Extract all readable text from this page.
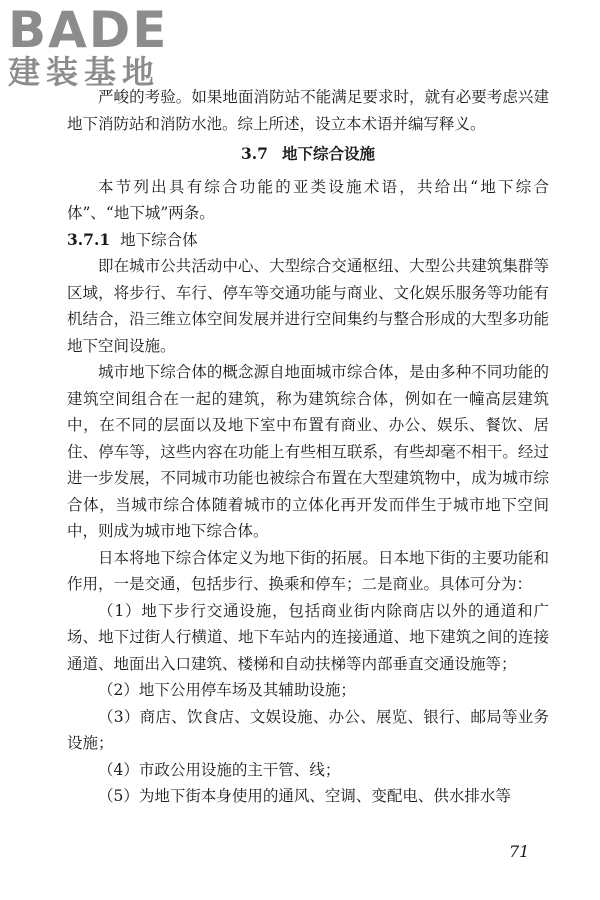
BADE
建装基地

严峻的考验。如果地面消防站不能满足要求时，就有必要考虑兴建地下消防站和消防水池。综上所述，设立本术语并编写释义。

3.7 地下综合设施

本节列出具有综合功能的亚类设施术语，共给出“地下综合体”、“地下城”两条。

3.7.1 地下综合体

即在城市公共活动中心、大型综合交通枢纽、大型公共建筑集群等区域，将步行、车行、停车等交通功能与商业、文化娱乐服务等功能有机结合，沿三维立体空间发展并进行空间集约与整合形成的大型多功能地下空间设施。

城市地下综合体的概念源自地面城市综合体，是由多种不同功能的建筑空间组合在一起的建筑，称为建筑综合体，例如在一幢高层建筑中，在不同的层面以及地下室中布置有商业、办公、娱乐、餐饮、居住、停车等，这些内容在功能上有些相互联系，有些却毫不相干。经过进一步发展，不同城市功能也被综合布置在大型建筑物中，成为城市综合体，当城市综合体随着城市的立体化再开发而伴生于城市地下空间中，则成为城市地下综合体。

日本将地下综合体定义为地下街的拓展。日本地下街的主要功能和作用，一是交通，包括步行、换乘和停车；二是商业。具体可分为：

（1）地下步行交通设施，包括商业街内除商店以外的通道和广场、地下过街人行横道、地下车站内的连接通道、地下建筑之间的连接通道、地面出入口建筑、楼梯和自动扶梯等内部垂直交通设施等；

（2）地下公用停车场及其辅助设施；

（3）商店、饮食店、文娱设施、办公、展览、银行、邮局等业务设施；

（4）市政公用设施的主干管、线；

（5）为地下街本身使用的通风、空调、变配电、供水排水等

71
